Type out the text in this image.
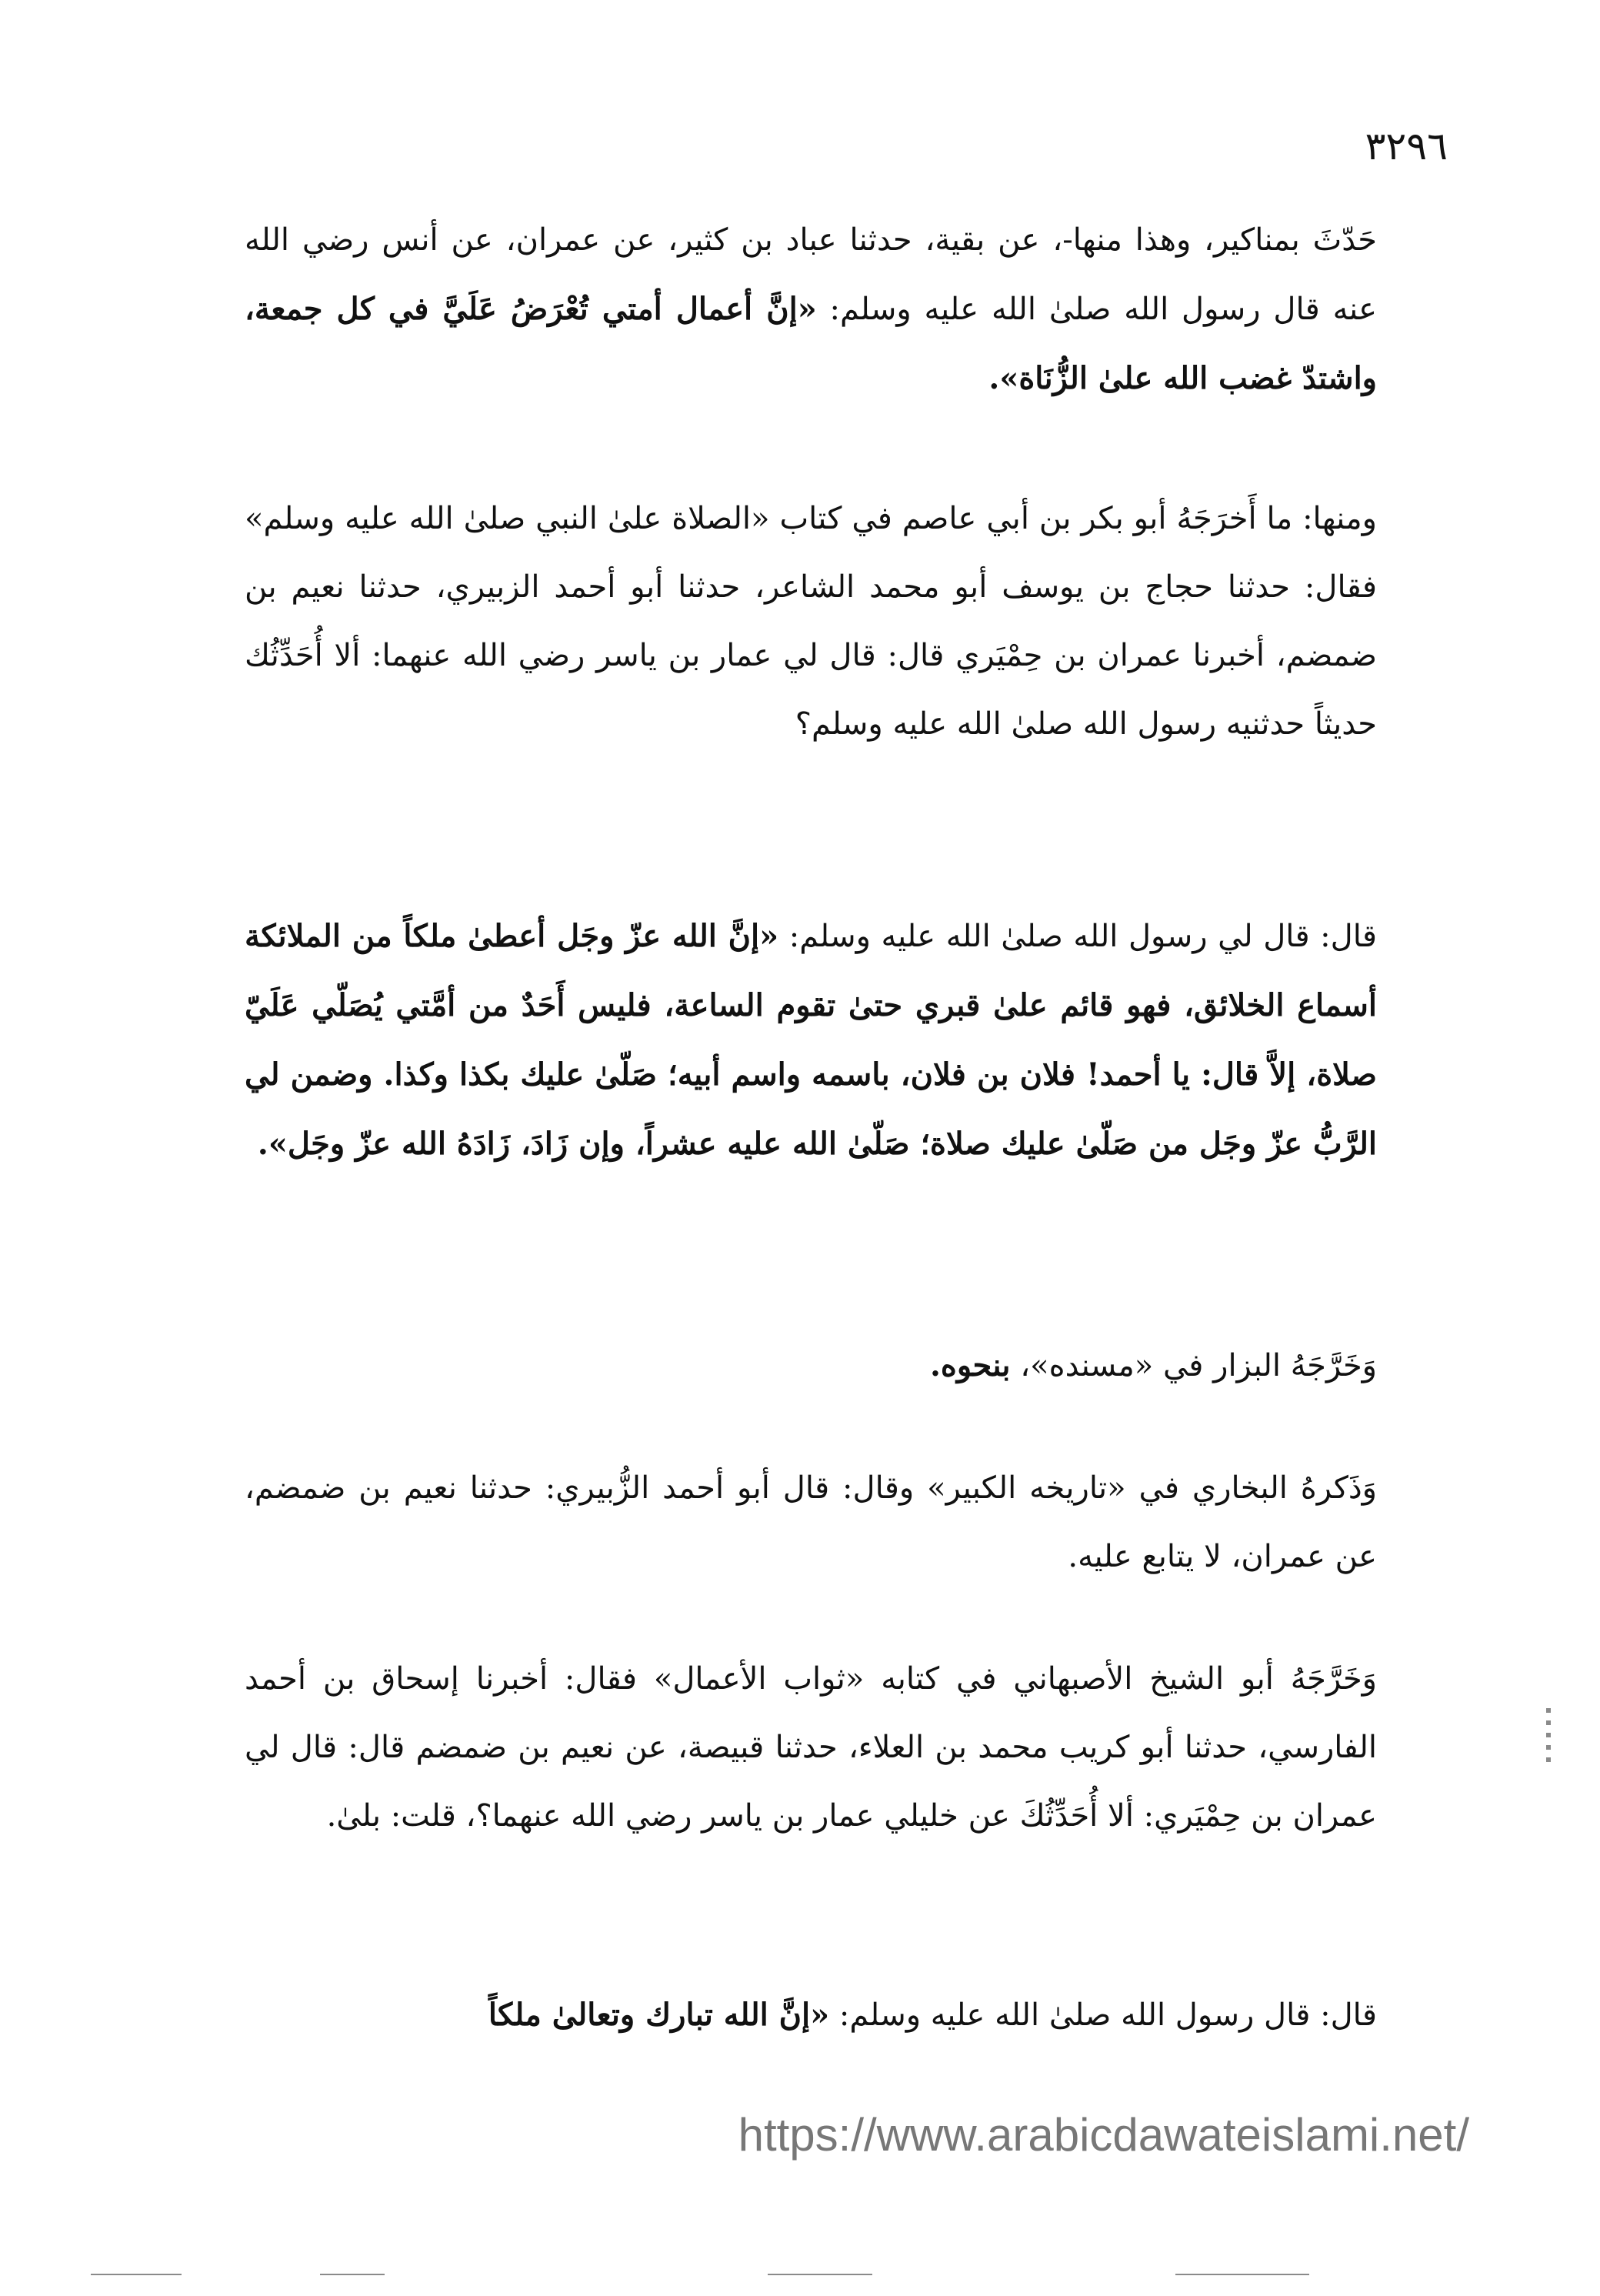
٣٢٩٦
حَدّثَ بمناكير، وهذا منها-، عن بقية، حدثنا عباد بن كثير، عن عمران، عن أنس رضي الله عنه قال رسول الله صلىٰ الله عليه وسلم: «إنَّ أعمال أمتي تُعْرَضُ عَلَيَّ في كل جمعة، واشتدّ غضب الله علىٰ الزُّنَاة».
ومنها: ما أَخرَجَهُ أبو بكر بن أبي عاصم في كتاب «الصلاة علىٰ النبي صلىٰ الله عليه وسلم» فقال: حدثنا حجاج بن يوسف أبو محمد الشاعر، حدثنا أبو أحمد الزبيري، حدثنا نعيم بن ضمضم، أخبرنا عمران بن حِمْيَري قال: قال لي عمار بن ياسر رضي الله عنهما: ألا أُحَدِّثُك حديثاً حدثنيه رسول الله صلىٰ الله عليه وسلم؟
قال: قال لي رسول الله صلىٰ الله عليه وسلم: «إنَّ الله عزّ وجَل أعطىٰ ملكاً من الملائكة أسماع الخلائق، فهو قائم علىٰ قبري حتىٰ تقوم الساعة، فليس أَحَدٌ من أمَّتي يُصَلّي عَلَيّ صلاة، إلاَّ قال: يا أحمد! فلان بن فلان، باسمه واسم أبيه؛ صَلّىٰ عليك بكذا وكذا. وضمن لي الرَّبُّ عزّ وجَل من صَلّىٰ عليك صلاة؛ صَلّىٰ الله عليه عشراً، وإن زَادَ، زَادَهُ الله عزّ وجَل».
وَخَرَّجَهُ البزار في «مسنده»، بنحوه.
وَذَكرهُ البخاري في «تاريخه الكبير» وقال: قال أبو أحمد الزُّبيري: حدثنا نعيم بن ضمضم، عن عمران، لا يتابع عليه.
وَخَرَّجَهُ أبو الشيخ الأصبهاني في كتابه «ثواب الأعمال» فقال: أخبرنا إسحاق بن أحمد الفارسي، حدثنا أبو كريب محمد بن العلاء، حدثنا قبيصة، عن نعيم بن ضمضم قال: قال لي عمران بن حِمْيَري: ألا أُحَدِّثُكَ عن خليلي عمار بن ياسر رضي الله عنهما؟، قلت: بلىٰ.
قال: قال رسول الله صلىٰ الله عليه وسلم: «إنَّ الله تبارك وتعالىٰ ملكاً
https://www.arabicdawateislami.net/
